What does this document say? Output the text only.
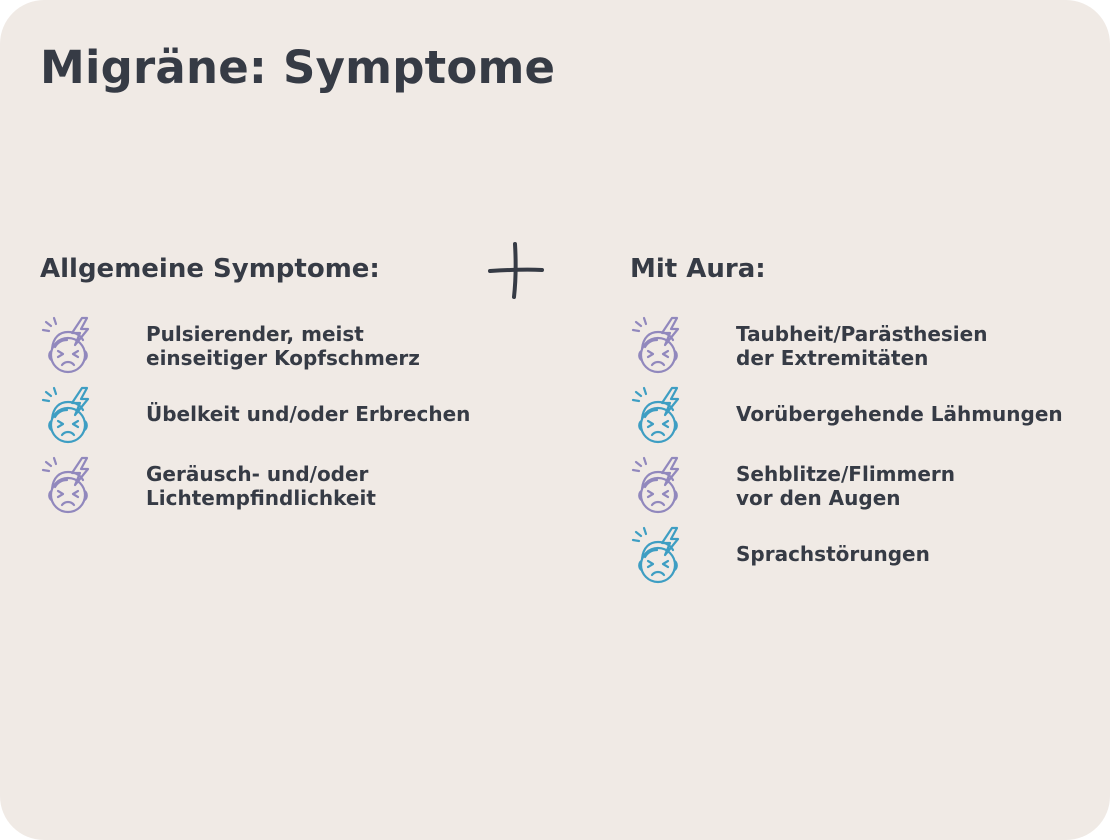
Migräne: Symptome
Allgemeine Symptome:
Pulsierender, meist
einseitiger Kopfschmerz
Übelkeit und/oder Erbrechen
Geräusch- und/oder
Lichtempfindlichkeit
Mit Aura:
Taubheit/Parästhesien
der Extremitäten
Vorübergehende Lähmungen
Sehblitze/Flimmern
vor den Augen
Sprachstörungen
